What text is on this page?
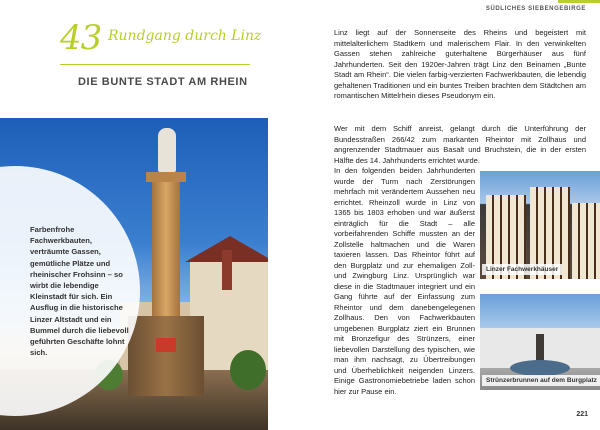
43 Rundgang durch Linz
DIE BUNTE STADT AM RHEIN
Farbenfrohe Fachwerkbauten, verträumte Gassen, gemütliche Plätze und rheinischer Frohsinn – so wirbt die lebendige Kleinstadt für sich. Ein Ausflug in die historische Linzer Altstadt und ein Bummel durch die liebevoll geführten Geschäfte lohnt sich.
SÜDLICHES SIEBENGEBIRGE

Linz liegt auf der Sonnenseite des Rheins und begeistert mit mittelalterlichem Stadtkern und malerischem Flair. In den verwinkelten Gassen stehen zahlreiche guterhaltene Bürgerhäuser aus fünf Jahrhunderten. Seit den 1920er-Jahren trägt Linz den Beinamen „Bunte Stadt am Rhein“. Die vielen farbig-verzierten Fachwerkbauten, die lebendig gehaltenen Traditionen und ein buntes Treiben brachten dem Städtchen am romantischen Mittelrhein dieses Pseudonym ein.

Wer mit dem Schiff anreist, gelangt durch die Unterführung der Bundesstraßen 266/42 zum markanten Rheintor mit Zollhaus und angrenzender Stadtmauer aus Basalt und Bruchstein, die in der ersten Hälfte des 14. Jahrhunderts errichtet wurde.

In den folgenden beiden Jahrhunderten wurde der Turm nach Zerstörungen mehrfach mit verändertem Aussehen neu errichtet. Rheinzoll wurde in Linz von 1365 bis 1803 erhoben und war äußerst einträglich für die Stadt – alle vorbeifahrenden Schiffe mussten an der Zollstelle haltmachen und die Waren taxieren lassen. Das Rheintor führt auf den Burgplatz und zur ehemaligen Zoll- und Zwingburg Linz. Ursprünglich war diese in die Stadtmauer integriert und ein Gang führte auf der Einfassung zum Rheintor und dem danebengelegenen Zollhaus. Den von Fachwerkbauten umgebenen Burgplatz ziert ein Brunnen mit Bronzefigur des Strünzers, einer liebevollen Darstellung des typischen, wie man ihm nachsagt, zu Übertreibungen und Überheblichkeit neigenden Linzers. Einige Gastronomiebetriebe laden schon hier zur Pause ein.

Linzer Fachwerkhäuser
Strünzerbrunnen auf dem Burgplatz
221
